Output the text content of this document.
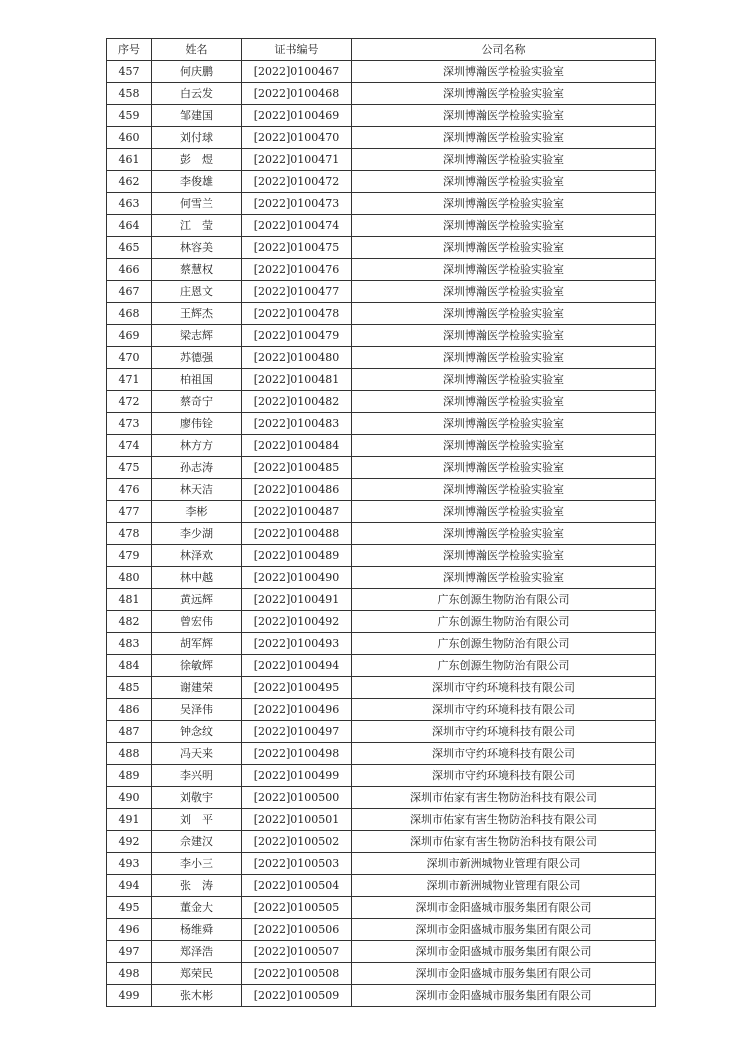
序号	姓名	证书编号	公司名称
457	何庆鹏	[2022]0100467	深圳博瀚医学检验实验室
458	白云发	[2022]0100468	深圳博瀚医学检验实验室
459	邹建国	[2022]0100469	深圳博瀚医学检验实验室
460	刘付球	[2022]0100470	深圳博瀚医学检验实验室
461	彭　煜	[2022]0100471	深圳博瀚医学检验实验室
462	李俊雄	[2022]0100472	深圳博瀚医学检验实验室
463	何雪兰	[2022]0100473	深圳博瀚医学检验实验室
464	江　莹	[2022]0100474	深圳博瀚医学检验实验室
465	林容美	[2022]0100475	深圳博瀚医学检验实验室
466	蔡慧权	[2022]0100476	深圳博瀚医学检验实验室
467	庄恩文	[2022]0100477	深圳博瀚医学检验实验室
468	王辉杰	[2022]0100478	深圳博瀚医学检验实验室
469	梁志辉	[2022]0100479	深圳博瀚医学检验实验室
470	苏德强	[2022]0100480	深圳博瀚医学检验实验室
471	柏祖国	[2022]0100481	深圳博瀚医学检验实验室
472	蔡奇宁	[2022]0100482	深圳博瀚医学检验实验室
473	廖伟铨	[2022]0100483	深圳博瀚医学检验实验室
474	林方方	[2022]0100484	深圳博瀚医学检验实验室
475	孙志涛	[2022]0100485	深圳博瀚医学检验实验室
476	林天洁	[2022]0100486	深圳博瀚医学检验实验室
477	李彬	[2022]0100487	深圳博瀚医学检验实验室
478	李少湖	[2022]0100488	深圳博瀚医学检验实验室
479	林泽欢	[2022]0100489	深圳博瀚医学检验实验室
480	林中越	[2022]0100490	深圳博瀚医学检验实验室
481	黄远辉	[2022]0100491	广东创源生物防治有限公司
482	曾宏伟	[2022]0100492	广东创源生物防治有限公司
483	胡军辉	[2022]0100493	广东创源生物防治有限公司
484	徐敏辉	[2022]0100494	广东创源生物防治有限公司
485	谢建荣	[2022]0100495	深圳市守约环境科技有限公司
486	吴泽伟	[2022]0100496	深圳市守约环境科技有限公司
487	钟念纹	[2022]0100497	深圳市守约环境科技有限公司
488	冯天来	[2022]0100498	深圳市守约环境科技有限公司
489	李兴明	[2022]0100499	深圳市守约环境科技有限公司
490	刘敬宇	[2022]0100500	深圳市佑家有害生物防治科技有限公司
491	刘　平	[2022]0100501	深圳市佑家有害生物防治科技有限公司
492	佘建汉	[2022]0100502	深圳市佑家有害生物防治科技有限公司
493	李小三	[2022]0100503	深圳市新洲城物业管理有限公司
494	张　涛	[2022]0100504	深圳市新洲城物业管理有限公司
495	董金大	[2022]0100505	深圳市金阳盛城市服务集团有限公司
496	杨维舜	[2022]0100506	深圳市金阳盛城市服务集团有限公司
497	郑泽浩	[2022]0100507	深圳市金阳盛城市服务集团有限公司
498	郑荣民	[2022]0100508	深圳市金阳盛城市服务集团有限公司
499	张木彬	[2022]0100509	深圳市金阳盛城市服务集团有限公司
